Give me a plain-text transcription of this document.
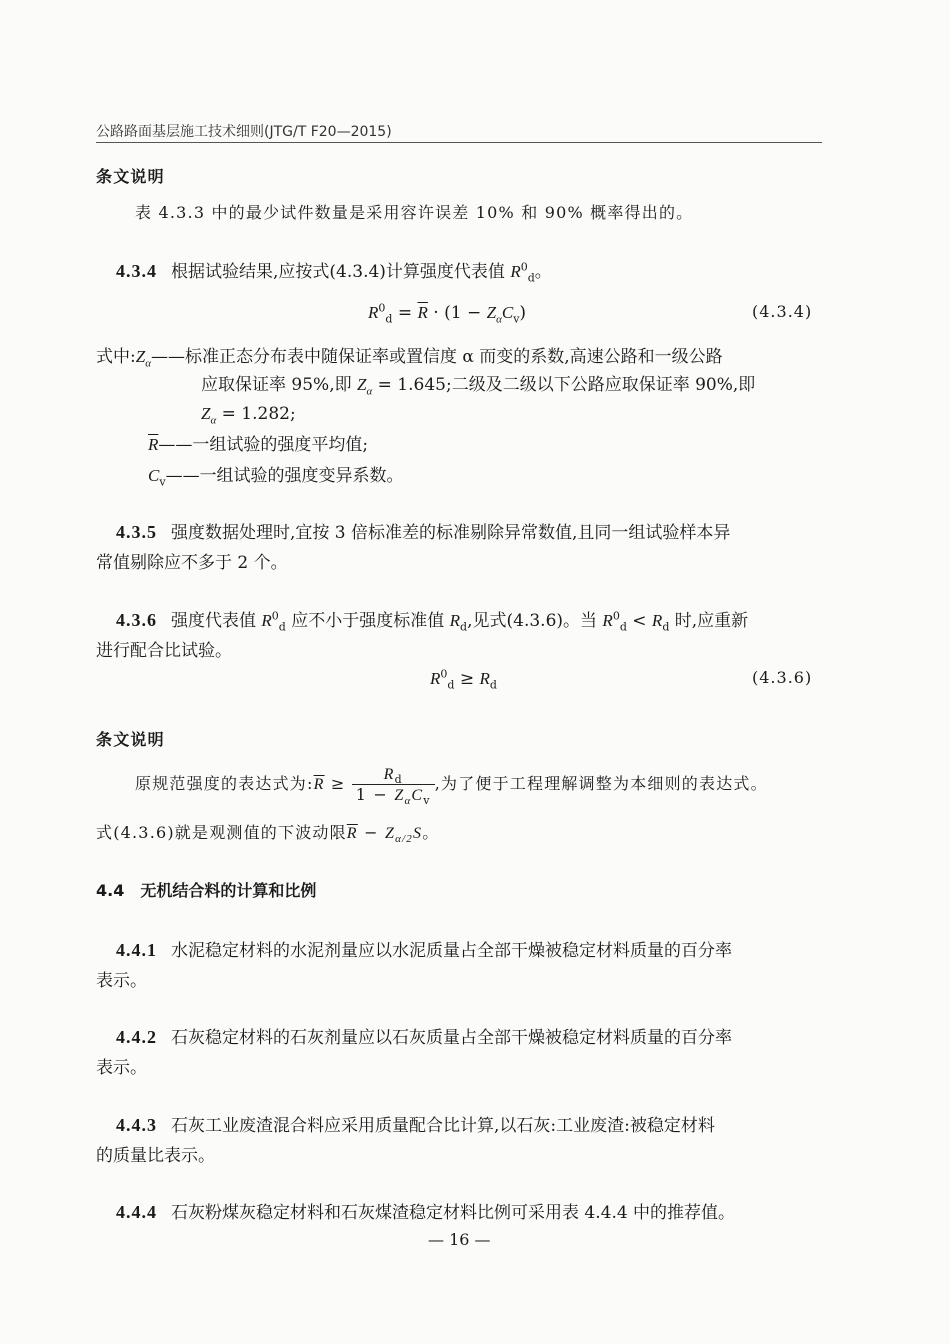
公路路面基层施工技术细则(JTG/T F20—2015)
条文说明
表 4.3.3 中的最少试件数量是采用容许误差 10% 和 90% 概率得出的。
4.3.4 根据试验结果,应按式(4.3.4)计算强度代表值 $R^0_d$。
$R^0_d = \overline{R} \cdot (1 - Z_\alpha C_v)$	(4.3.4)
式中$:Z_\alpha——$标准正态分布表中随保证率或置信度 α 而变的系数,高速公路和一级公路
应取保证率 95%,即 $Z_\alpha = 1.645$;二级及二级以下公路应取保证率 90%,即
$Z_\alpha = 1.282$;
$\overline{R}——$一组试验的强度平均值;
$C_v——$一组试验的强度变异系数。
4.3.5 强度数据处理时,宜按 3 倍标准差的标准剔除异常数值,且同一组试验样本异
常值剔除应不多于 2 个。
4.3.6 强度代表值 $R^0_d$ 应不小于强度标准值 $R_d$,见式(4.3.6)。当 $R^0_d < R_d$ 时,应重新
进行配合比试验。
$R^0_d \ge R_d$	(4.3.6)
条文说明
原规范强度的表达式为$:\overline{R} \ge \frac{R_d}{1 - Z_\alpha C_v}$ ,为了便于工程理解调整为本细则的表达式。
式(4.3.6)就是观测值的下波动限$\overline{R} - Z_{\alpha/2}S$。
4.4 无机结合料的计算和比例
4.4.1 水泥稳定材料的水泥剂量应以水泥质量占全部干燥被稳定材料质量的百分率
表示。
4.4.2 石灰稳定材料的石灰剂量应以石灰质量占全部干燥被稳定材料质量的百分率
表示。
4.4.3 石灰工业废渣混合料应采用质量配合比计算,以石灰:工业废渣:被稳定材料
的质量比表示。
4.4.4 石灰粉煤灰稳定材料和石灰煤渣稳定材料比例可采用表 4.4.4 中的推荐值。
— 16 —
